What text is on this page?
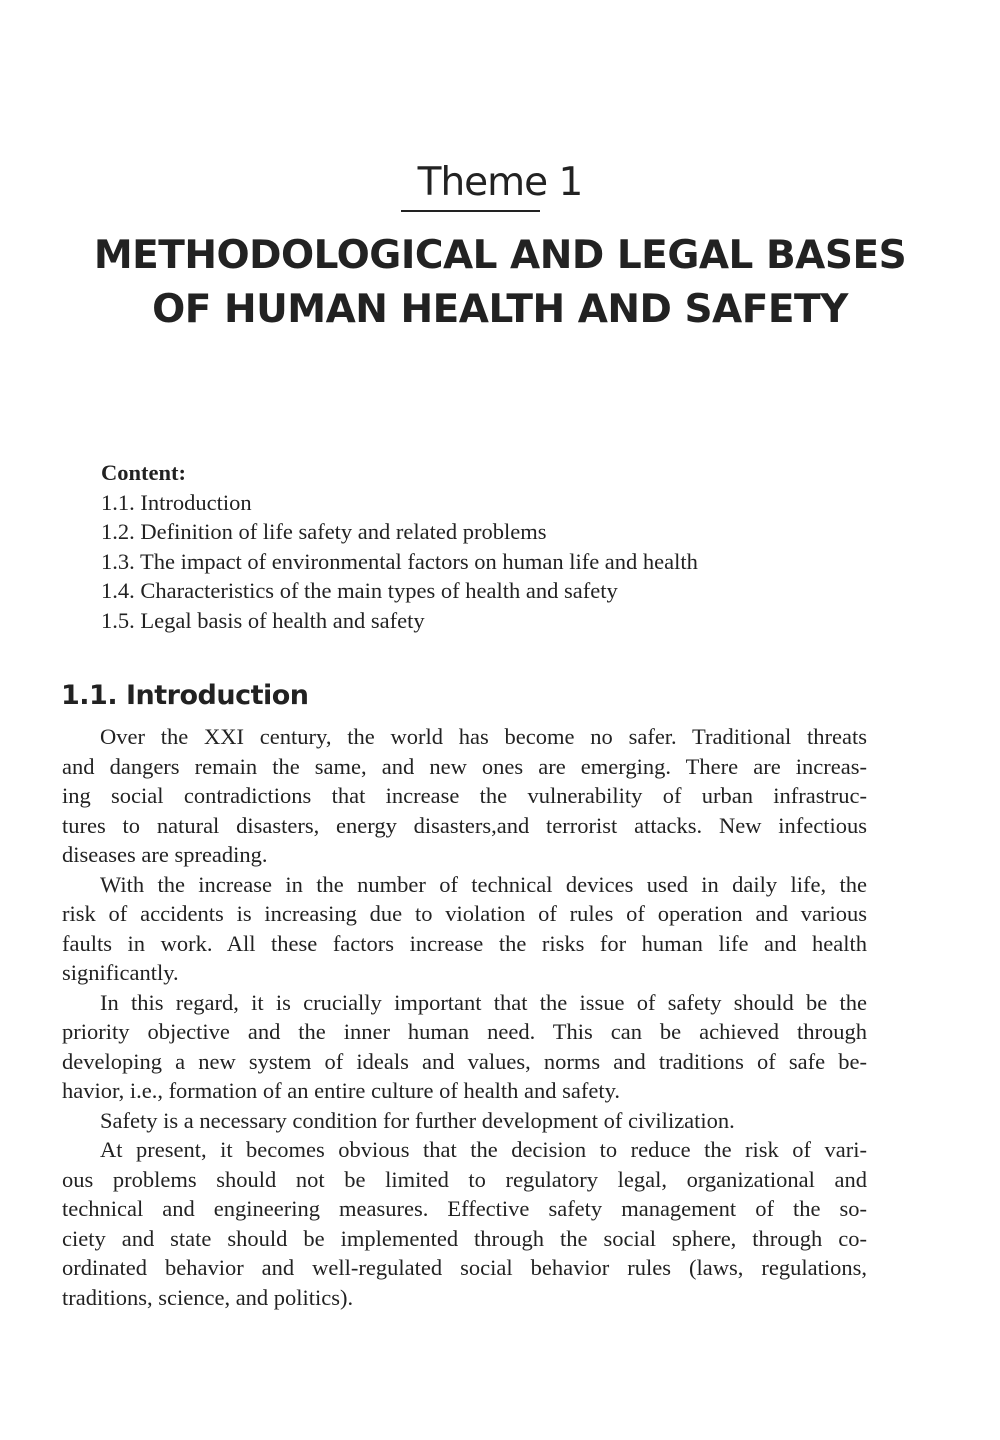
Theme 1
METHODOLOGICAL AND LEGAL BASES
OF HUMAN HEALTH AND SAFETY
Content:
1.1. Introduction
1.2. Definition of life safety and related problems
1.3. The impact of environmental factors on human life and health
1.4. Characteristics of the main types of health and safety
1.5. Legal basis of health and safety
1.1. Introduction

Over the XXI century, the world has become no safer. Traditional threats
and dangers remain the same, and new ones are emerging. There are increas-
ing social contradictions that increase the vulnerability of urban infrastruc-
tures to natural disasters, energy disasters,and terrorist attacks. New infectious
diseases are spreading.

With the increase in the number of technical devices used in daily life, the
risk of accidents is increasing due to violation of rules of operation and various
faults in work. All these factors increase the risks for human life and health
significantly.

In this regard, it is crucially important that the issue of safety should be the
priority objective and the inner human need. This can be achieved through
developing a new system of ideals and values, norms and traditions of safe be-
havior, i.e., formation of an entire culture of health and safety.

Safety is a necessary condition for further development of civilization.

At present, it becomes obvious that the decision to reduce the risk of vari-
ous problems should not be limited to regulatory legal, organizational and
technical and engineering measures. Effective safety management of the so-
ciety and state should be implemented through the social sphere, through co-
ordinated behavior and well-regulated social behavior rules (laws, regulations,
traditions, science, and politics).
